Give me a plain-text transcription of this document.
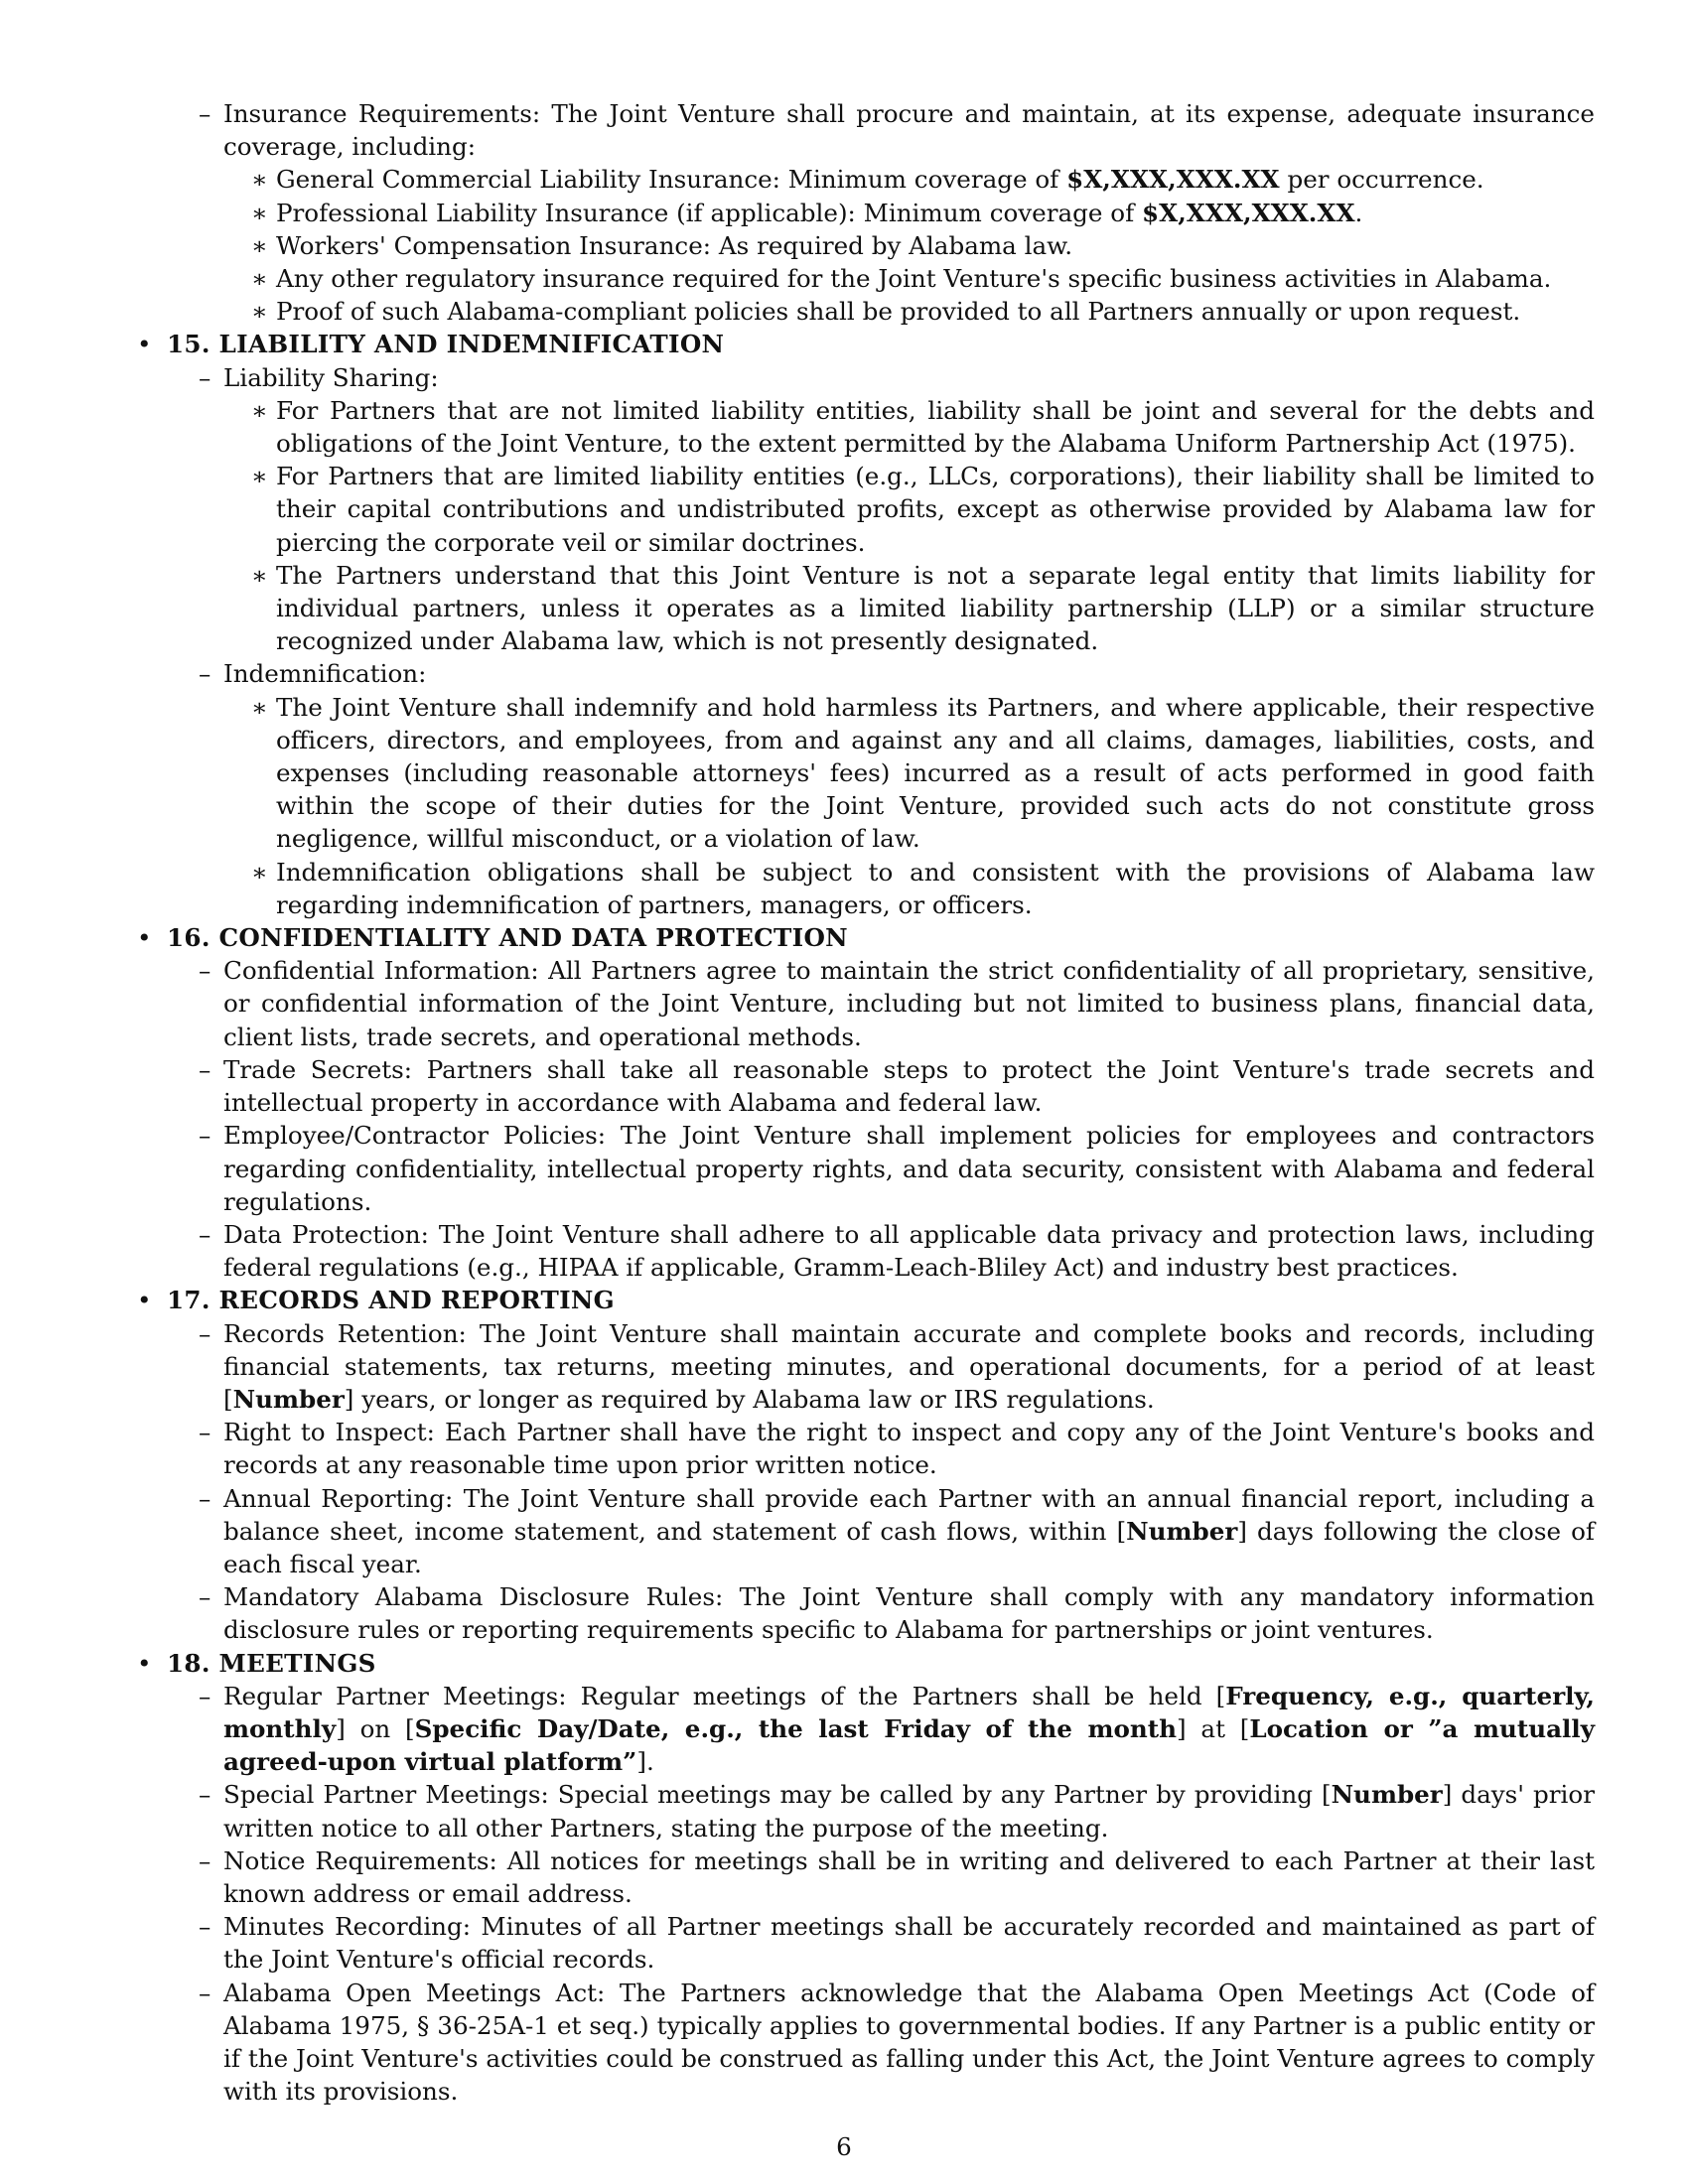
– Insurance Requirements: The Joint Venture shall procure and maintain, at its expense, adequate insurance coverage, including:
∗ General Commercial Liability Insurance: Minimum coverage of $X,XXX,XXX.XX per occurrence.
∗ Professional Liability Insurance (if applicable): Minimum coverage of $X,XXX,XXX.XX.
∗ Workers' Compensation Insurance: As required by Alabama law.
∗ Any other regulatory insurance required for the Joint Venture's specific business activities in Alabama.
∗ Proof of such Alabama-compliant policies shall be provided to all Partners annually or upon request.
• 15. LIABILITY AND INDEMNIFICATION
– Liability Sharing:
∗ For Partners that are not limited liability entities, liability shall be joint and several for the debts and obligations of the Joint Venture, to the extent permitted by the Alabama Uniform Partnership Act (1975).
∗ For Partners that are limited liability entities (e.g., LLCs, corporations), their liability shall be limited to their capital contributions and undistributed profits, except as otherwise provided by Alabama law for piercing the corporate veil or similar doctrines.
∗ The Partners understand that this Joint Venture is not a separate legal entity that limits liability for individual partners, unless it operates as a limited liability partnership (LLP) or a similar structure recognized under Alabama law, which is not presently designated.
– Indemnification:
∗ The Joint Venture shall indemnify and hold harmless its Partners, and where applicable, their respective officers, directors, and employees, from and against any and all claims, damages, liabilities, costs, and expenses (including reasonable attorneys' fees) incurred as a result of acts performed in good faith within the scope of their duties for the Joint Venture, provided such acts do not constitute gross negligence, willful misconduct, or a violation of law.
∗ Indemnification obligations shall be subject to and consistent with the provisions of Alabama law regarding indemnification of partners, managers, or officers.
• 16. CONFIDENTIALITY AND DATA PROTECTION
– Confidential Information: All Partners agree to maintain the strict confidentiality of all proprietary, sensitive, or confidential information of the Joint Venture, including but not limited to business plans, financial data, client lists, trade secrets, and operational methods.
– Trade Secrets: Partners shall take all reasonable steps to protect the Joint Venture's trade secrets and intellectual property in accordance with Alabama and federal law.
– Employee/Contractor Policies: The Joint Venture shall implement policies for employees and contractors regarding confidentiality, intellectual property rights, and data security, consistent with Alabama and federal regulations.
– Data Protection: The Joint Venture shall adhere to all applicable data privacy and protection laws, including federal regulations (e.g., HIPAA if applicable, Gramm-Leach-Bliley Act) and industry best practices.
• 17. RECORDS AND REPORTING
– Records Retention: The Joint Venture shall maintain accurate and complete books and records, including financial statements, tax returns, meeting minutes, and operational documents, for a period of at least [Number] years, or longer as required by Alabama law or IRS regulations.
– Right to Inspect: Each Partner shall have the right to inspect and copy any of the Joint Venture's books and records at any reasonable time upon prior written notice.
– Annual Reporting: The Joint Venture shall provide each Partner with an annual financial report, including a balance sheet, income statement, and statement of cash flows, within [Number] days following the close of each fiscal year.
– Mandatory Alabama Disclosure Rules: The Joint Venture shall comply with any mandatory information disclosure rules or reporting requirements specific to Alabama for partnerships or joint ventures.
• 18. MEETINGS
– Regular Partner Meetings: Regular meetings of the Partners shall be held [Frequency, e.g., quarterly, monthly] on [Specific Day/Date, e.g., the last Friday of the month] at [Location or ”a mutually agreed-upon virtual platform”].
– Special Partner Meetings: Special meetings may be called by any Partner by providing [Number] days' prior written notice to all other Partners, stating the purpose of the meeting.
– Notice Requirements: All notices for meetings shall be in writing and delivered to each Partner at their last known address or email address.
– Minutes Recording: Minutes of all Partner meetings shall be accurately recorded and maintained as part of the Joint Venture's official records.
– Alabama Open Meetings Act: The Partners acknowledge that the Alabama Open Meetings Act (Code of Alabama 1975, § 36-25A-1 et seq.) typically applies to governmental bodies. If any Partner is a public entity or if the Joint Venture's activities could be construed as falling under this Act, the Joint Venture agrees to comply with its provisions.
6
